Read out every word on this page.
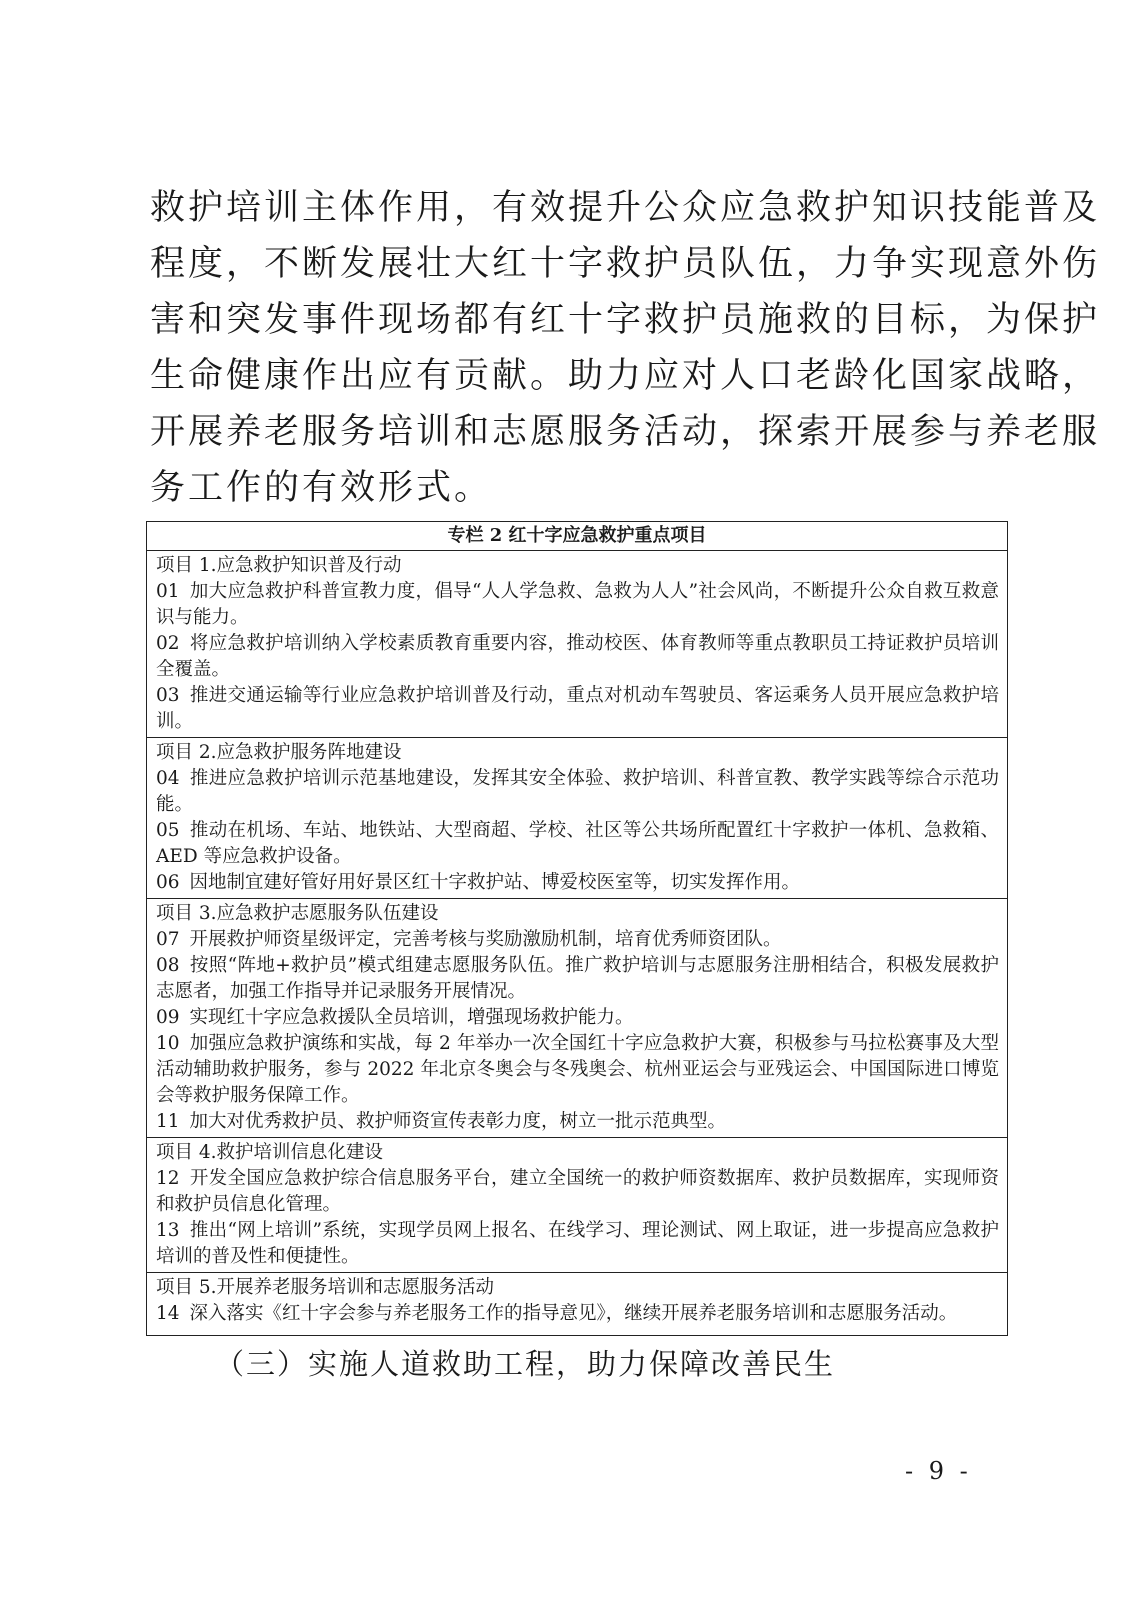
救护培训主体作用，有效提升公众应急救护知识技能普及
程度，不断发展壮大红十字救护员队伍，力争实现意外伤
害和突发事件现场都有红十字救护员施救的目标，为保护
生命健康作出应有贡献。助力应对人口老龄化国家战略，
开展养老服务培训和志愿服务活动，探索开展参与养老服
务工作的有效形式。
专栏 2 红十字应急救护重点项目
项目 1.应急救护知识普及行动
01 加大应急救护科普宣教力度，倡导“人人学急救、急救为人人”社会风尚，不断提升公众自救互救意识与能力。
02 将应急救护培训纳入学校素质教育重要内容，推动校医、体育教师等重点教职员工持证救护员培训全覆盖。
03 推进交通运输等行业应急救护培训普及行动，重点对机动车驾驶员、客运乘务人员开展应急救护培训。
项目 2.应急救护服务阵地建设
04 推进应急救护培训示范基地建设，发挥其安全体验、救护培训、科普宣教、教学实践等综合示范功能。
05 推动在机场、车站、地铁站、大型商超、学校、社区等公共场所配置红十字救护一体机、急救箱、AED 等应急救护设备。
06 因地制宜建好管好用好景区红十字救护站、博爱校医室等，切实发挥作用。
项目 3.应急救护志愿服务队伍建设
07 开展救护师资星级评定，完善考核与奖励激励机制，培育优秀师资团队。
08 按照“阵地+救护员”模式组建志愿服务队伍。推广救护培训与志愿服务注册相结合，积极发展救护志愿者，加强工作指导并记录服务开展情况。
09 实现红十字应急救援队全员培训，增强现场救护能力。
10 加强应急救护演练和实战，每 2 年举办一次全国红十字应急救护大赛，积极参与马拉松赛事及大型活动辅助救护服务，参与 2022 年北京冬奥会与冬残奥会、杭州亚运会与亚残运会、中国国际进口博览会等救护服务保障工作。
11 加大对优秀救护员、救护师资宣传表彰力度，树立一批示范典型。
项目 4.救护培训信息化建设
12 开发全国应急救护综合信息服务平台，建立全国统一的救护师资数据库、救护员数据库，实现师资和救护员信息化管理。
13 推出“网上培训”系统，实现学员网上报名、在线学习、理论测试、网上取证，进一步提高应急救护培训的普及性和便捷性。
项目 5.开展养老服务培训和志愿服务活动
14 深入落实《红十字会参与养老服务工作的指导意见》，继续开展养老服务培训和志愿服务活动。
（三）实施人道救助工程，助力保障改善民生
- 9 -
